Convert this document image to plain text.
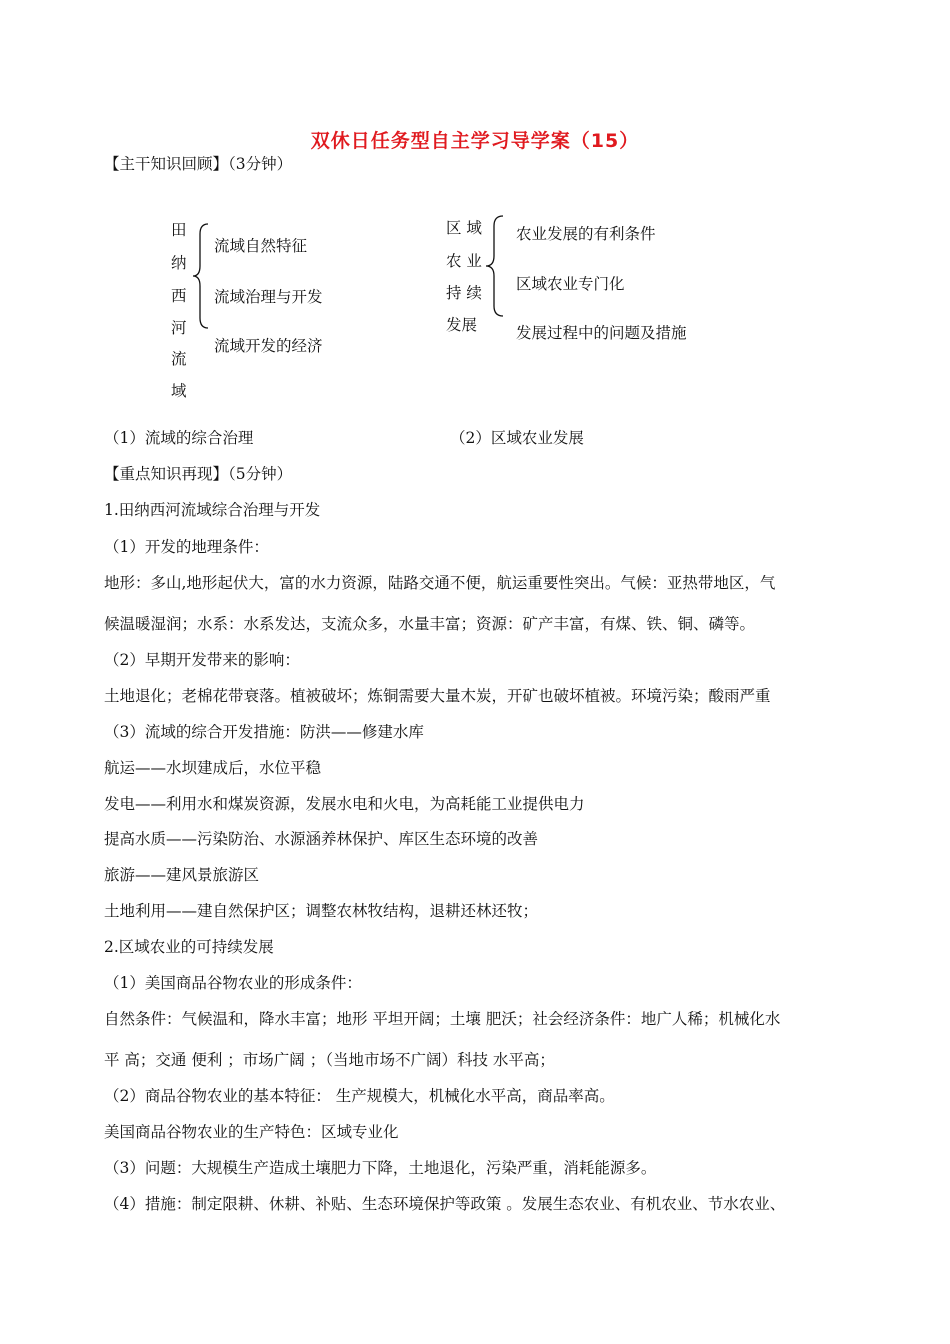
双休日任务型自主学习导学案（15）
【主干知识回顾】（3分钟）
田
纳
西
河
流
域
流域自然特征
流域治理与开发
流域开发的经济
区 域
农 业
持 续
发展
农业发展的有利条件
区域农业专门化
发展过程中的问题及措施
（1）流域的综合治理	（2）区域农业发展
【重点知识再现】（5分钟）
1.田纳西河流域综合治理与开发
（1）开发的地理条件：
地形：多山,地形起伏大，富的水力资源，陆路交通不便，航运重要性突出。气候：亚热带地区，气
候温暖湿润；水系：水系发达，支流众多，水量丰富；资源：矿产丰富，有煤、铁、铜、磷等。
（2）早期开发带来的影响：
土地退化；老棉花带衰落。植被破坏；炼铜需要大量木炭，开矿也破坏植被。环境污染；酸雨严重
（3）流域的综合开发措施：防洪——修建水库
航运——水坝建成后，水位平稳
发电——利用水和煤炭资源，发展水电和火电，为高耗能工业提供电力
提高水质——污染防治、水源涵养林保护、库区生态环境的改善
旅游——建风景旅游区
土地利用——建自然保护区；调整农林牧结构，退耕还林还牧；
2.区域农业的可持续发展
（1）美国商品谷物农业的形成条件：
自然条件：气候温和，降水丰富；地形 平坦开阔；土壤 肥沃；社会经济条件：地广人稀；机械化水
平 高；交通 便利 ；市场广阔 ；（当地市场不广阔）科技 水平高；
（2）商品谷物农业的基本特征： 生产规模大，机械化水平高，商品率高。
美国商品谷物农业的生产特色：区域专业化
（3）问题：大规模生产造成土壤肥力下降，土地退化，污染严重，消耗能源多。
（4）措施：制定限耕、休耕、补贴、生态环境保护等政策 。发展生态农业、有机农业、节水农业、
